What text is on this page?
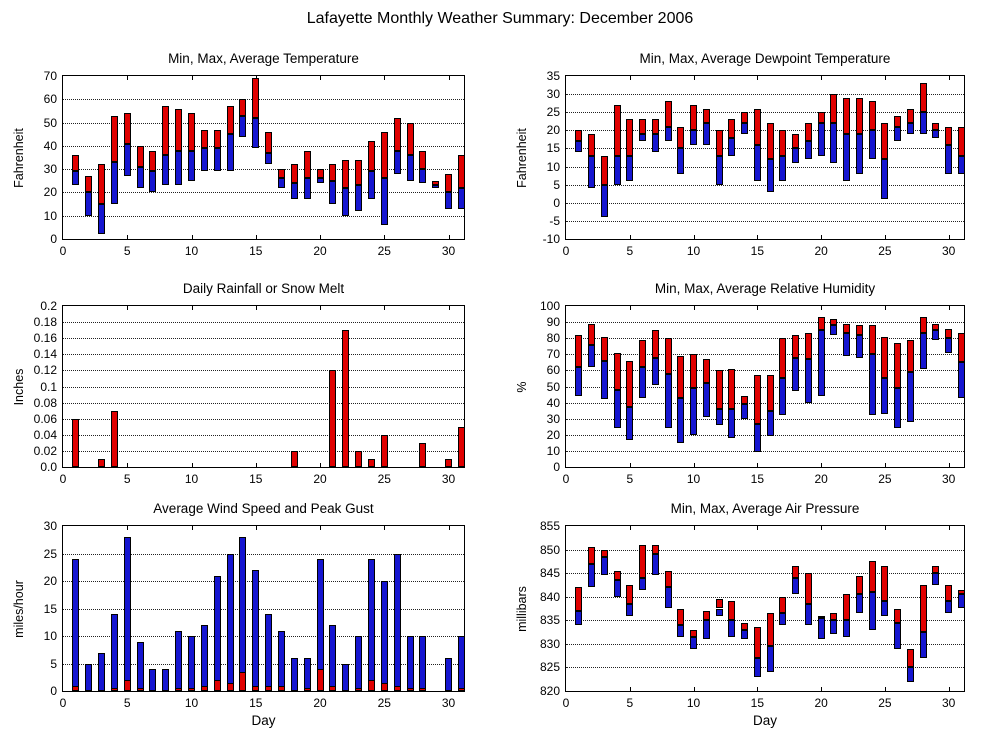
Lafayette Monthly Weather Summary: December 2006
Min, Max, Average Temperature
Fahrenheit
0
10
20
30
40
50
60
70
0	5	10	15	20	25	30
Min, Max, Average Dewpoint Temperature
Fahrenheit
-10
-5
0
5
10
15
20
25
30
35
0	5	10	15	20	25	30
Daily Rainfall or Snow Melt
Inches
0.0
0.02
0.04
0.06
0.08
0.1
0.12
0.14
0.16
0.18
0.2
0	5	10	15	20	25	30
Min, Max, Average Relative Humidity
%
0
10
20
30
40
50
60
70
80
90
100
0	5	10	15	20	25	30
Average Wind Speed and Peak Gust
miles/hour
Day
0
5
10
15
20
25
30
0	5	10	15	20	25	30
Min, Max, Average Air Pressure
millibars
Day
820
825
830
835
840
845
850
855
0	5	10	15	20	25	30
